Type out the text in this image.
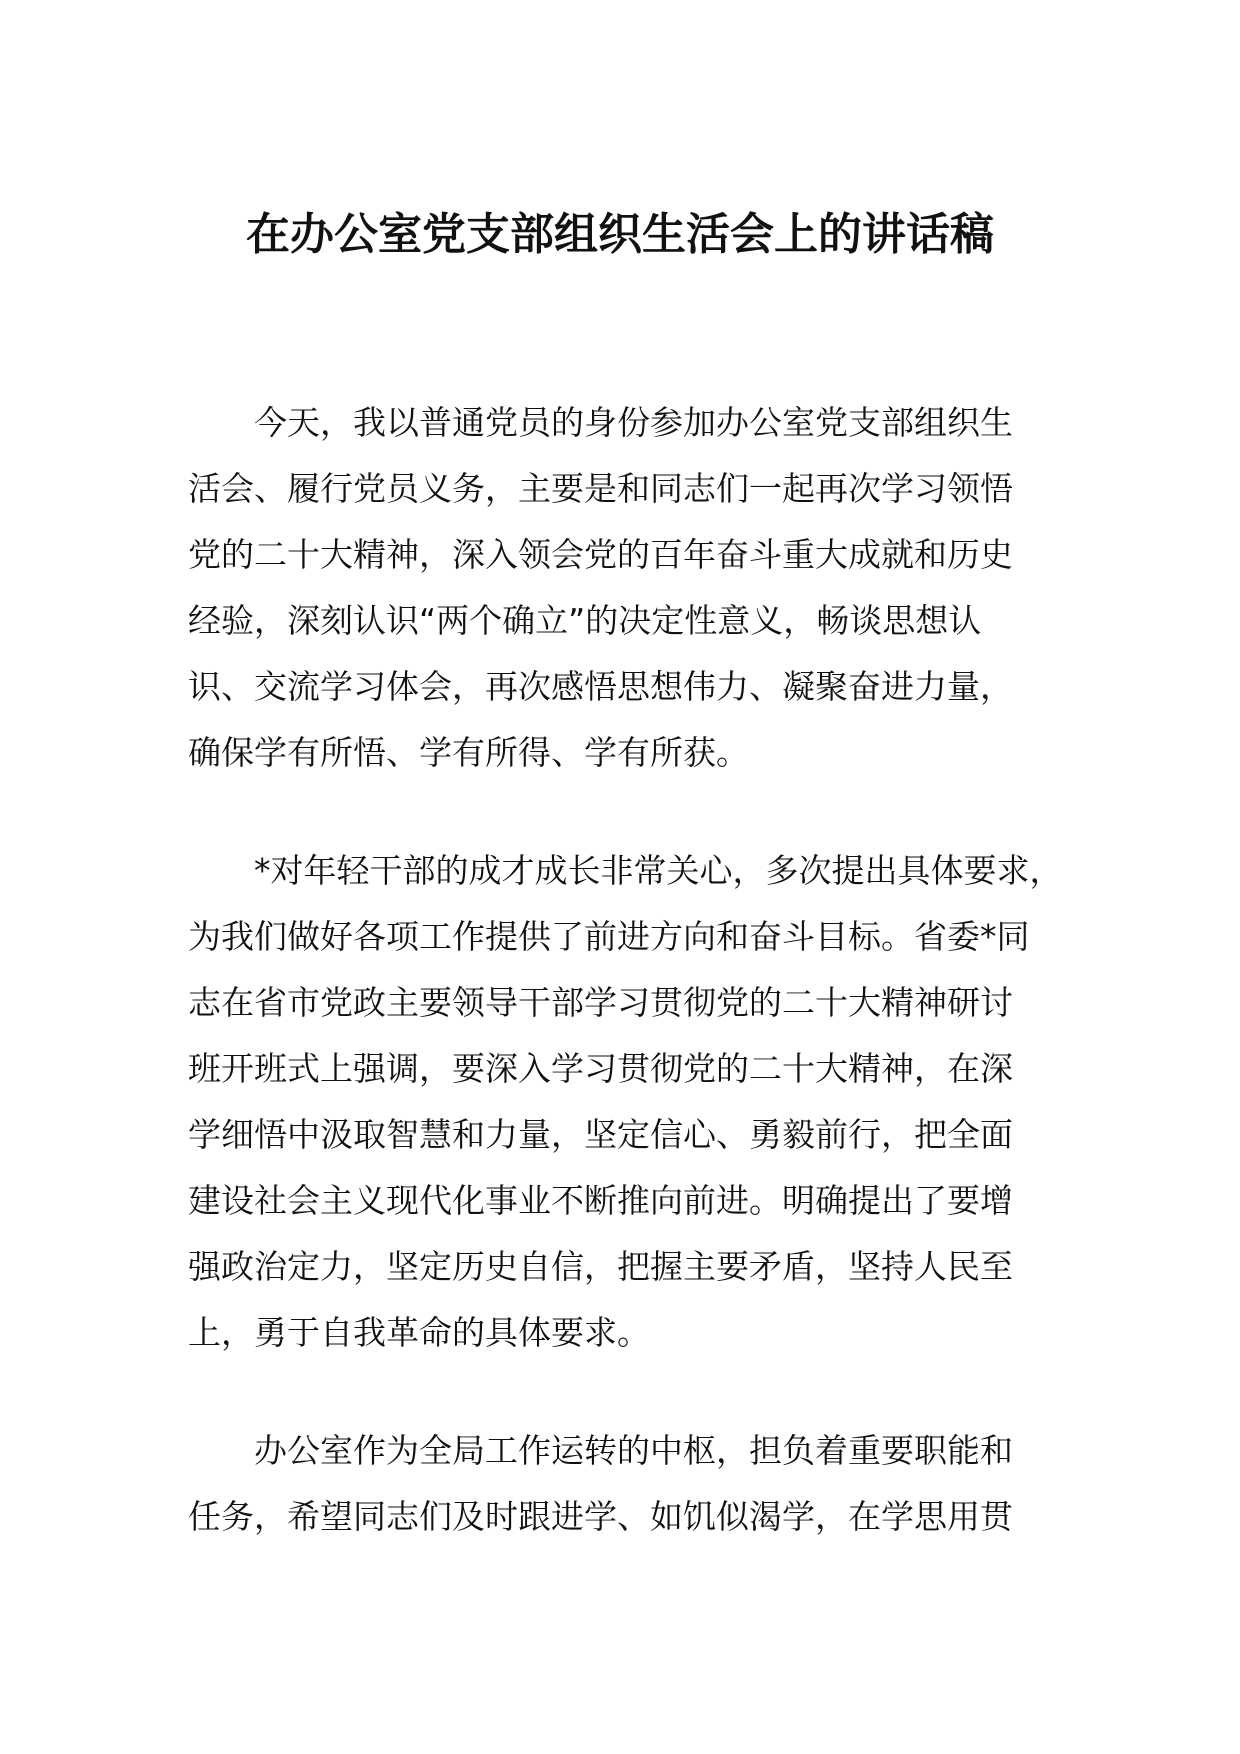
在办公室党支部组织生活会上的讲话稿

今天，我以普通党员的身份参加办公室党支部组织生
活会、履行党员义务，主要是和同志们一起再次学习领悟
党的二十大精神，深入领会党的百年奋斗重大成就和历史
经验，深刻认识“两个确立”的决定性意义，畅谈思想认
识、交流学习体会，再次感悟思想伟力、凝聚奋进力量，
确保学有所悟、学有所得、学有所获。

*对年轻干部的成才成长非常关心，多次提出具体要求，
为我们做好各项工作提供了前进方向和奋斗目标。省委*同
志在省市党政主要领导干部学习贯彻党的二十大精神研讨
班开班式上强调，要深入学习贯彻党的二十大精神，在深
学细悟中汲取智慧和力量，坚定信心、勇毅前行，把全面
建设社会主义现代化事业不断推向前进。明确提出了要增
强政治定力，坚定历史自信，把握主要矛盾，坚持人民至
上，勇于自我革命的具体要求。

办公室作为全局工作运转的中枢，担负着重要职能和
任务，希望同志们及时跟进学、如饥似渴学，在学思用贯
